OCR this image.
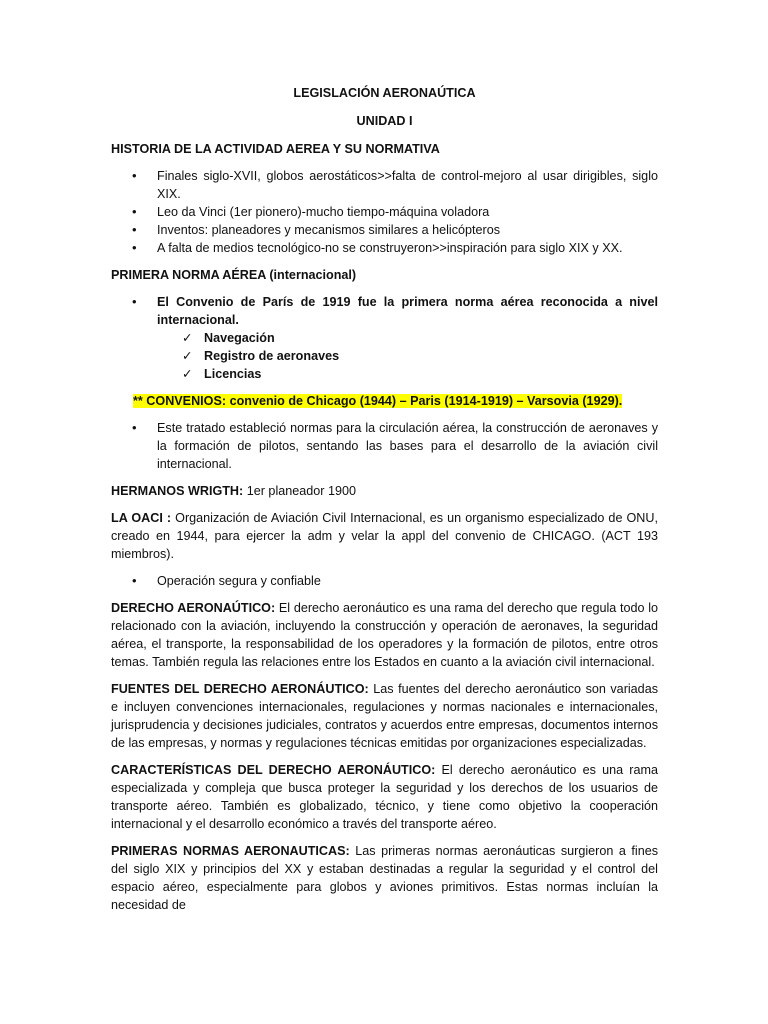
LEGISLACIÓN AERONAÚTICA
UNIDAD I

HISTORIA DE LA ACTIVIDAD AEREA Y SU NORMATIVA

• Finales siglo-XVII, globos aerostáticos>>falta de control-mejoro al usar dirigibles, siglo XIX.
• Leo da Vinci (1er pionero)-mucho tiempo-máquina voladora
• Inventos: planeadores y mecanismos similares a helicópteros
• A falta de medios tecnológico-no se construyeron>>inspiración para siglo XIX y XX.

PRIMERA NORMA AÉREA (internacional)

• El Convenio de París de 1919 fue la primera norma aérea reconocida a nivel internacional.
✓ Navegación
✓ Registro de aeronaves
✓ Licencias
** CONVENIOS: convenio de Chicago (1944) – Paris (1914-1919) – Varsovia (1929).
• Este tratado estableció normas para la circulación aérea, la construcción de aeronaves y la formación de pilotos, sentando las bases para el desarrollo de la aviación civil internacional.

HERMANOS WRIGTH: 1er planeador 1900

LA OACI : Organización de Aviación Civil Internacional, es un organismo especializado de ONU, creado en 1944, para ejercer la adm y velar la appl del convenio de CHICAGO. (ACT 193 miembros).

• Operación segura y confiable

DERECHO AERONAÚTICO: El derecho aeronáutico es una rama del derecho que regula todo lo relacionado con la aviación, incluyendo la construcción y operación de aeronaves, la seguridad aérea, el transporte, la responsabilidad de los operadores y la formación de pilotos, entre otros temas. También regula las relaciones entre los Estados en cuanto a la aviación civil internacional.

FUENTES DEL DERECHO AERONÁUTICO: Las fuentes del derecho aeronáutico son variadas e incluyen convenciones internacionales, regulaciones y normas nacionales e internacionales, jurisprudencia y decisiones judiciales, contratos y acuerdos entre empresas, documentos internos de las empresas, y normas y regulaciones técnicas emitidas por organizaciones especializadas.

CARACTERÍSTICAS DEL DERECHO AERONÁUTICO: El derecho aeronáutico es una rama especializada y compleja que busca proteger la seguridad y los derechos de los usuarios de transporte aéreo. También es globalizado, técnico, y tiene como objetivo la cooperación internacional y el desarrollo económico a través del transporte aéreo.

PRIMERAS NORMAS AERONAUTICAS: Las primeras normas aeronáuticas surgieron a fines del siglo XIX y principios del XX y estaban destinadas a regular la seguridad y el control del espacio aéreo, especialmente para globos y aviones primitivos. Estas normas incluían la necesidad de
